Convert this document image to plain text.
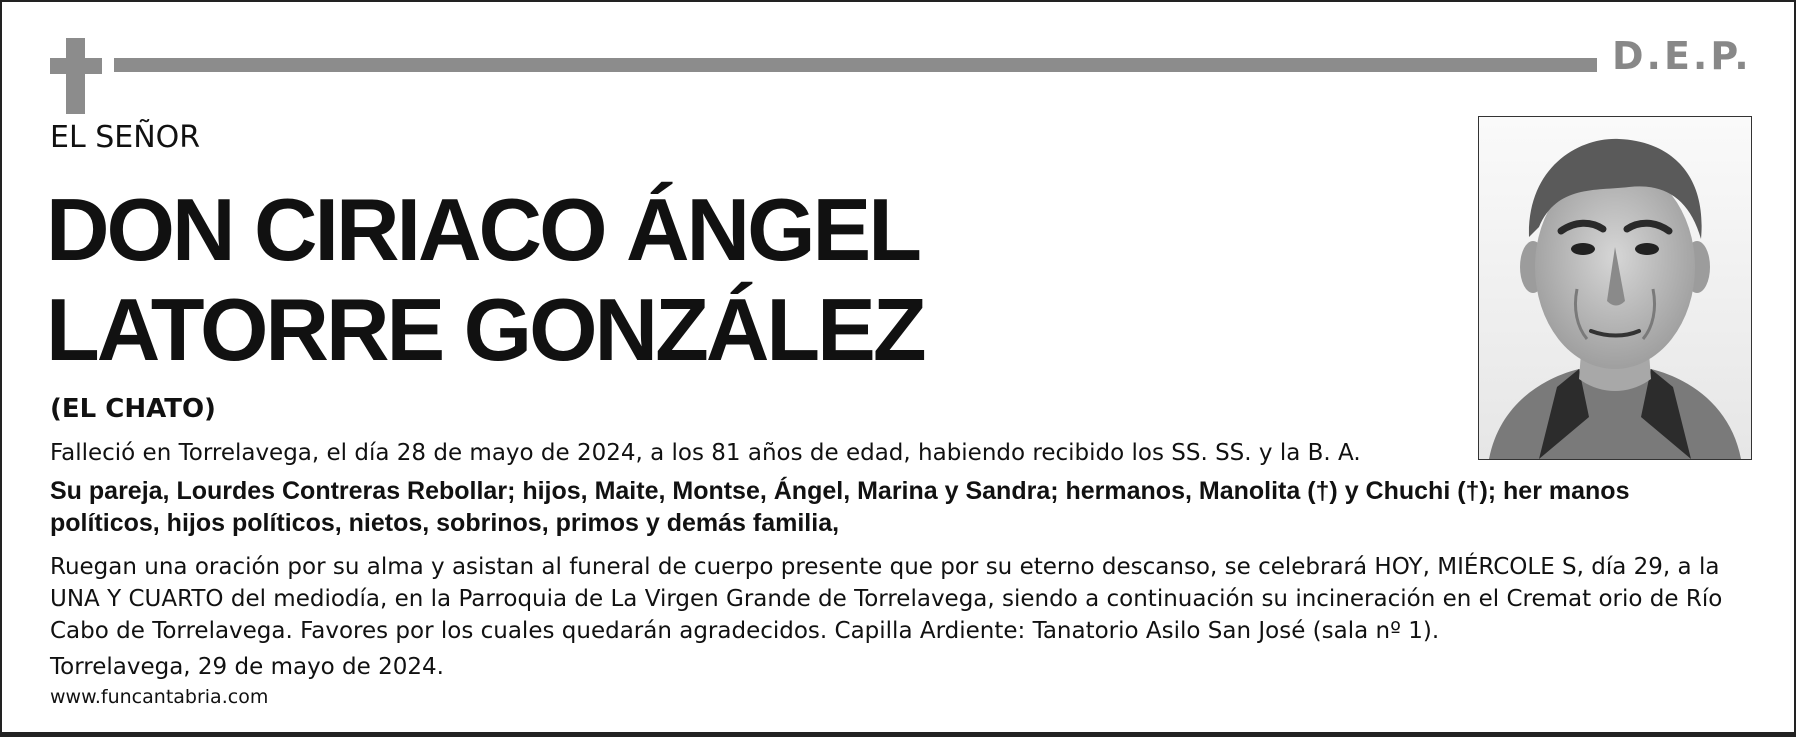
D.E.P.
EL SEÑOR
DON CIRIACO ÁNGEL
LATORRE GONZÁLEZ
(EL CHATO)
Falleció en Torrelavega, el día 28 de mayo de 2024, a los 81 años de edad, habiendo recibido los SS. SS. y la B. A.
Su pareja, Lourdes Contreras Rebollar; hijos, Maite, Montse, Ángel, Marina y Sandra; hermanos, Manolita (†) y Chuchi (†); her manos políticos, hijos políticos, nietos, sobrinos, primos y demás familia,
Ruegan una oración por su alma y asistan al funeral de cuerpo presente que por su eterno descanso, se celebrará HOY, MIÉRCOLE S, día 29, a la UNA Y CUARTO del mediodía, en la Parroquia de La Virgen Grande de Torrelavega, siendo a continuación su incineración en el Cremat orio de Río Cabo de Torrelavega. Favores por los cuales quedarán agradecidos. Capilla Ardiente: Tanatorio Asilo San José (sala nº 1).
Torrelavega, 29 de mayo de 2024.
www.funcantabria.com
